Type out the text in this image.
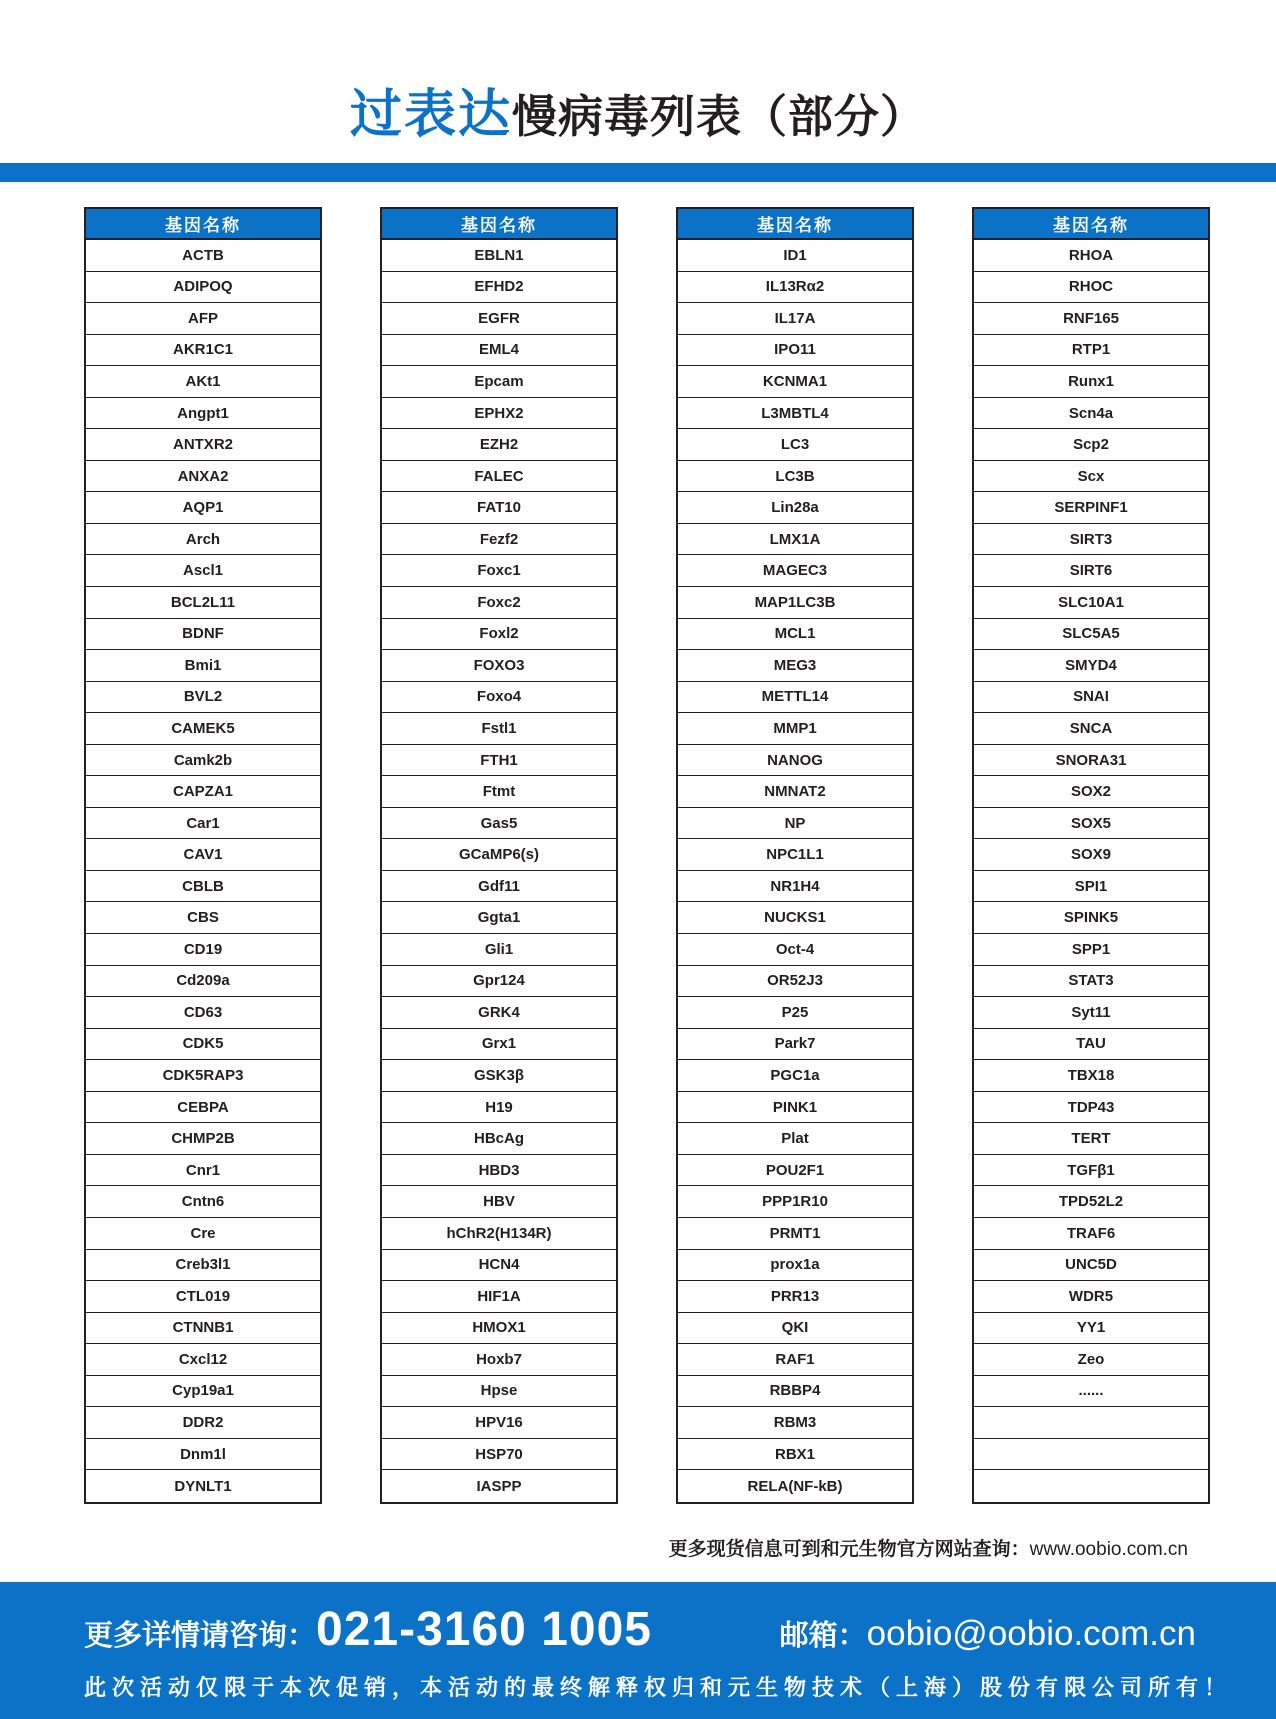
过表达慢病毒列表（部分）
基因名称
ACTB
ADIPOQ
AFP
AKR1C1
AKt1
Angpt1
ANTXR2
ANXA2
AQP1
Arch
Ascl1
BCL2L11
BDNF
Bmi1
BVL2
CAMEK5
Camk2b
CAPZA1
Car1
CAV1
CBLB
CBS
CD19
Cd209a
CD63
CDK5
CDK5RAP3
CEBPA
CHMP2B
Cnr1
Cntn6
Cre
Creb3l1
CTL019
CTNNB1
Cxcl12
Cyp19a1
DDR2
Dnm1l
DYNLT1
基因名称
EBLN1
EFHD2
EGFR
EML4
Epcam
EPHX2
EZH2
FALEC
FAT10
Fezf2
Foxc1
Foxc2
Foxl2
FOXO3
Foxo4
Fstl1
FTH1
Ftmt
Gas5
GCaMP6(s)
Gdf11
Ggta1
Gli1
Gpr124
GRK4
Grx1
GSK3β
H19
HBcAg
HBD3
HBV
hChR2(H134R)
HCN4
HIF1A
HMOX1
Hoxb7
Hpse
HPV16
HSP70
IASPP
基因名称
ID1
IL13Rα2
IL17A
IPO11
KCNMA1
L3MBTL4
LC3
LC3B
Lin28a
LMX1A
MAGEC3
MAP1LC3B
MCL1
MEG3
METTL14
MMP1
NANOG
NMNAT2
NP
NPC1L1
NR1H4
NUCKS1
Oct-4
OR52J3
P25
Park7
PGC1a
PINK1
Plat
POU2F1
PPP1R10
PRMT1
prox1a
PRR13
QKI
RAF1
RBBP4
RBM3
RBX1
RELA(NF-kB)
基因名称
RHOA
RHOC
RNF165
RTP1
Runx1
Scn4a
Scp2
Scx
SERPINF1
SIRT3
SIRT6
SLC10A1
SLC5A5
SMYD4
SNAI
SNCA
SNORA31
SOX2
SOX5
SOX9
SPI1
SPINK5
SPP1
STAT3
Syt11
TAU
TBX18
TDP43
TERT
TGFβ1
TPD52L2
TRAF6
UNC5D
WDR5
YY1
Zeo
......
更多现货信息可到和元生物官方网站查询：www.oobio.com.cn
更多详情请咨询： 021-3160 1005	邮箱： oobio@oobio.com.cn
此次活动仅限于本次促销，本活动的最终解释权归和元生物技术（上海）股份有限公司所有！
